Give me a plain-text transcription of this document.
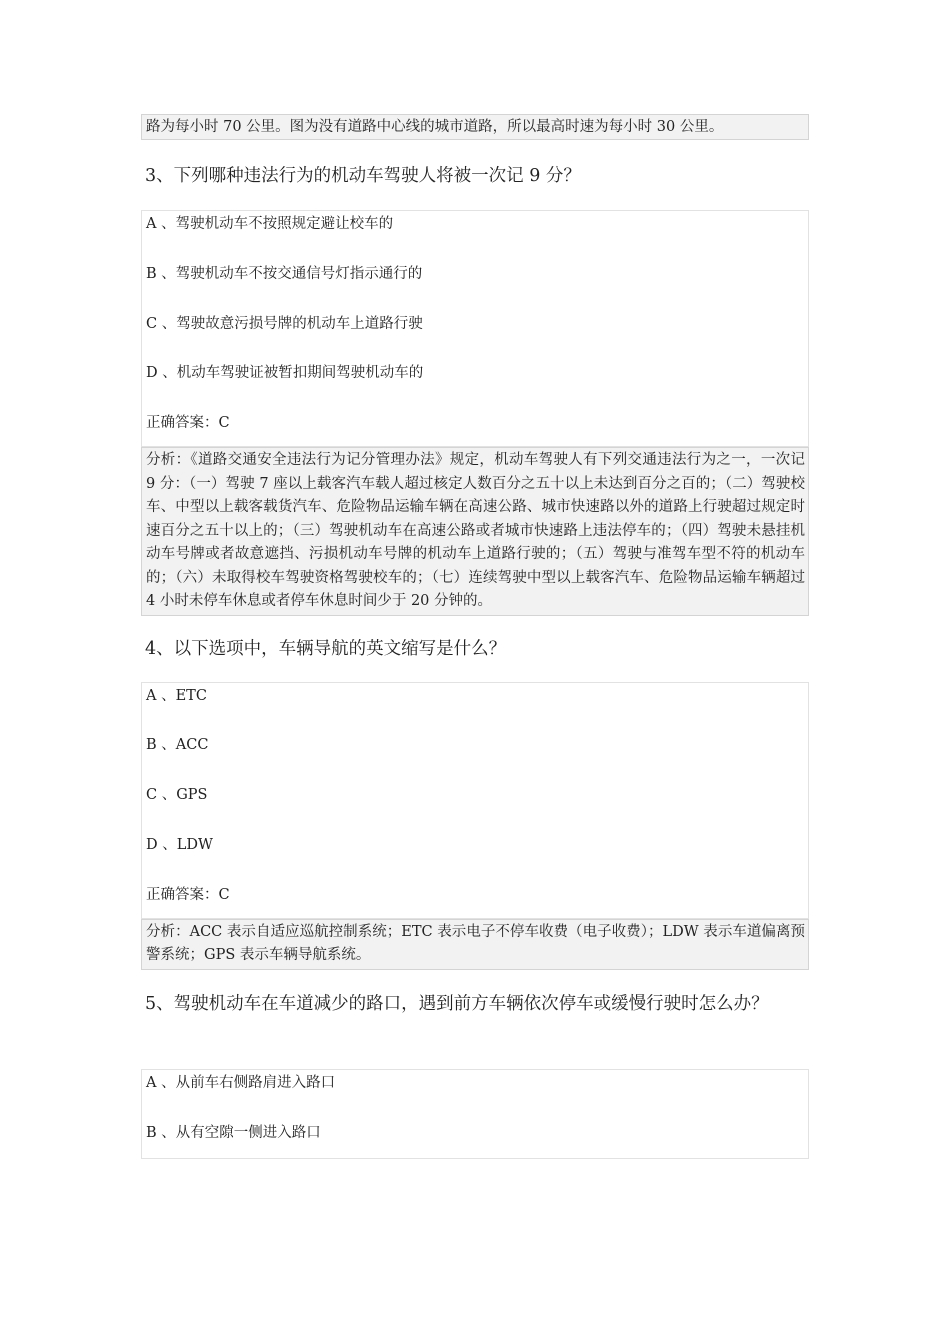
路为每小时 70 公里。图为没有道路中心线的城市道路，所以最高时速为每小时 30 公里。
3、下列哪种违法行为的机动车驾驶人将被一次记 9 分？
A 、驾驶机动车不按照规定避让校车的
B 、驾驶机动车不按交通信号灯指示通行的
C 、驾驶故意污损号牌的机动车上道路行驶
D 、机动车驾驶证被暂扣期间驾驶机动车的
正确答案：C
分析：《道路交通安全违法行为记分管理办法》规定，机动车驾驶人有下列交通违法行为之一，一次记 9 分：（一）驾驶 7 座以上载客汽车载人超过核定人数百分之五十以上未达到百分之百的；（二）驾驶校车、中型以上载客载货汽车、危险物品运输车辆在高速公路、城市快速路以外的道路上行驶超过规定时速百分之五十以上的；（三）驾驶机动车在高速公路或者城市快速路上违法停车的；（四）驾驶未悬挂机动车号牌或者故意遮挡、污损机动车号牌的机动车上道路行驶的；（五）驾驶与准驾车型不符的机动车的；（六）未取得校车驾驶资格驾驶校车的；（七）连续驾驶中型以上载客汽车、危险物品运输车辆超过 4 小时未停车休息或者停车休息时间少于 20 分钟的。
4、以下选项中，车辆导航的英文缩写是什么？
A 、ETC
B 、ACC
C 、GPS
D 、LDW
正确答案：C
分析：ACC 表示自适应巡航控制系统；ETC 表示电子不停车收费（电子收费）；LDW 表示车道偏离预警系统；GPS 表示车辆导航系统。
5、驾驶机动车在车道减少的路口，遇到前方车辆依次停车或缓慢行驶时怎么办？
A 、从前车右侧路肩进入路口
B 、从有空隙一侧进入路口
